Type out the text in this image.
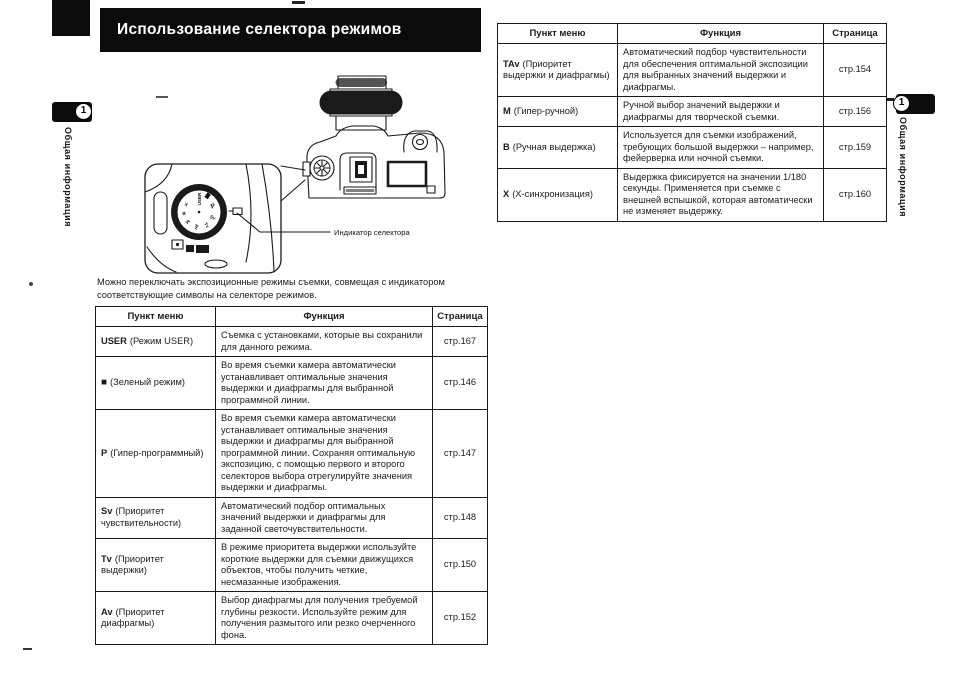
Использование селектора режимов
1
Общая информация
1
Общая информация
USER
P
Sv
Tv
Av
M
B
X
Индикатор селектора
Можно переключать экспозиционные режимы съемки, совмещая с индикатором соответствующие символы на селекторе режимов.
Пункт меню	Функция	Страница
USER (Режим USER)	Съемка с установками, которые вы сохранили для данного режима.	стр.167
■ (Зеленый режим)	Во время съемки камера автоматически устанавливает оптимальные значения выдержки и диафрагмы для выбранной программной линии.	стр.146
P (Гипер-программный)	Во время съемки камера автоматически устанавливает оптимальные значения выдержки и диафрагмы для выбранной программной линии. Сохраняя оптимальную экспозицию, с помощью первого и второго селекторов выбора отрегулируйте значения выдержки и диафрагмы.	стр.147
Sv (Приоритет чувствительности)	Автоматический подбор оптимальных значений выдержки и диафрагмы для заданной светочувствительности.	стр.148
Tv (Приоритет выдержки)	В режиме приоритета выдержки используйте короткие выдержки для съемки движущихся объектов, чтобы получить четкие, несмазанные изображения.	стр.150
Av (Приоритет диафрагмы)	Выбор диафрагмы для получения требуемой глубины резкости. Используйте режим для получения размытого или резко очерченного фона.	стр.152
Пункт меню	Функция	Страница
TAv (Приоритет выдержки и диафрагмы)	Автоматический подбор чувствительности для обеспечения оптимальной экспозиции для выбранных значений выдержки и диафрагмы.	стр.154
M (Гипер-ручной)	Ручной выбор значений выдержки и диафрагмы для творческой съемки.	стр.156
B (Ручная выдержка)	Используется для съемки изображений, требующих большой выдержки – например, фейерверка или ночной съемки.	стр.159
X (X-синхронизация)	Выдержка фиксируется на значении 1/180 секунды. Применяется при съемке с внешней вспышкой, которая автоматически не изменяет выдержку.	стр.160
